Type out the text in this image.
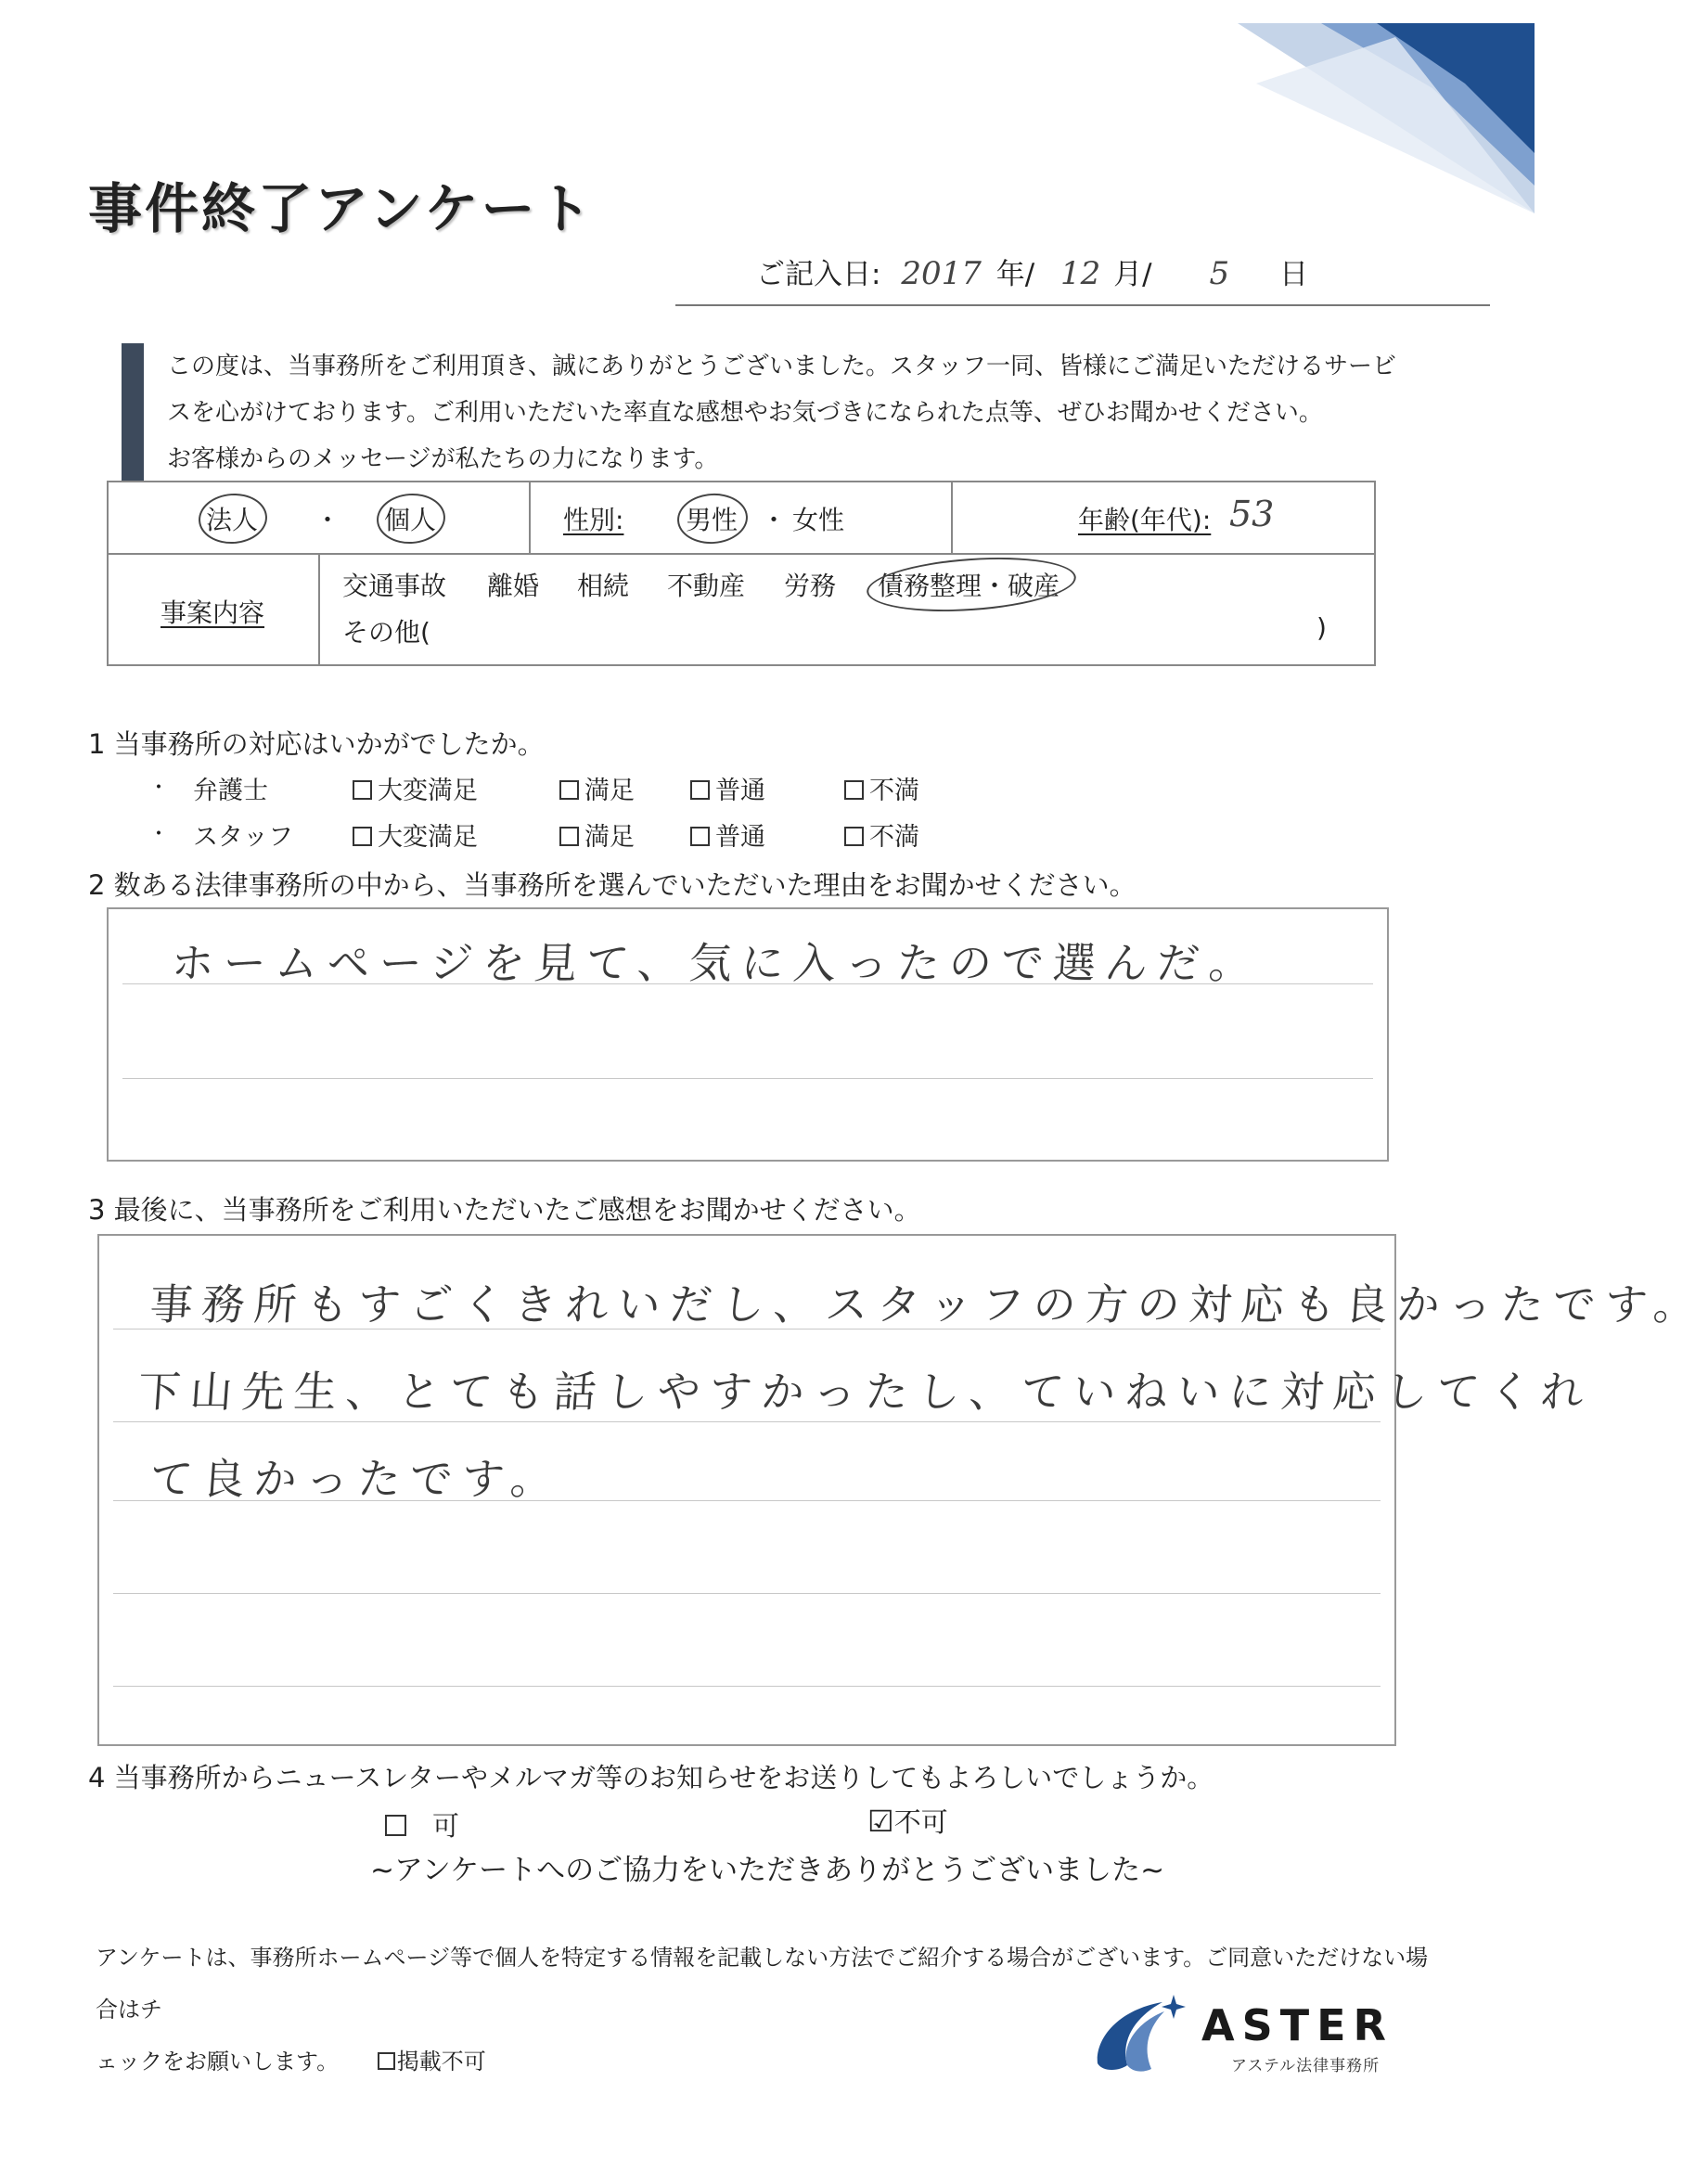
事件終了アンケート
ご記入日: 2017 年/ 12 月/ 5 日
この度は、当事務所をご利用頂き、誠にありがとうございました。スタッフ一同、皆様にご満足いただけるサービ
スを心がけております。ご利用いただいた率直な感想やお気づきになられた点等、ぜひお聞かせください。
お客様からのメッセージが私たちの力になります。
法人 ・ 個人	性別: 男性 ・ 女性	年齢(年代): 53
事案内容
交通事故 離婚 相続 不動産 労務 債務整理・破産
その他(	)
1 当事務所の対応はいかがでしたか。
・ 弁護士	大変満足	満足	普通	不満
・ スタッフ	大変満足	満足	普通	不満
2 数ある法律事務所の中から、当事務所を選んでいただいた理由をお聞かせください。
ホームページを見て、気に入ったので選んだ。
3 最後に、当事務所をご利用いただいたご感想をお聞かせください。
事務所もすごくきれいだし、スタッフの方の対応も良かったです。
下山先生、とても話しやすかったし、ていねいに対応してくれ
て良かったです。
4 当事務所からニュースレターやメルマガ等のお知らせをお送りしてもよろしいでしょうか。
可	☑不可
~アンケートへのご協力をいただきありがとうございました~
アンケートは、事務所ホームページ等で個人を特定する情報を記載しない方法でご紹介する場合がございます。ご同意いただけない場合はチ
ェックをお願いします。	掲載不可
ASTER
アステル法律事務所
